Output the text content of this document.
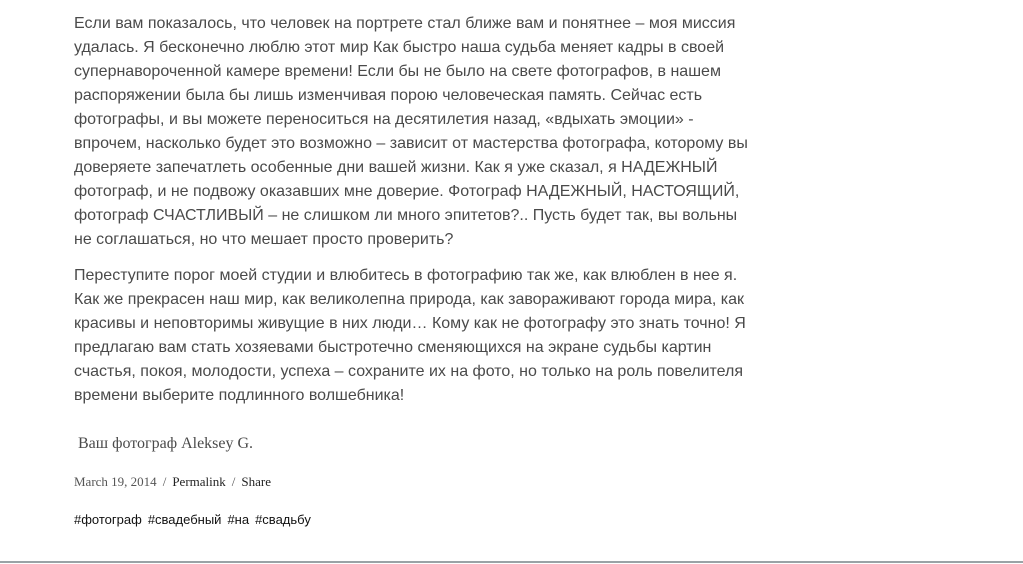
Если вам показалось, что человек на портрете стал ближе вам и понятнее – моя миссия удалась. Я бесконечно люблю этот мир Как быстро наша судьба меняет кадры в своей супернавороченной камере времени! Если бы не было на свете фотографов, в нашем распоряжении была бы лишь изменчивая порою человеческая память. Сейчас есть фотографы, и вы можете переноситься на десятилетия назад, «вдыхать эмоции» - впрочем, насколько будет это возможно – зависит от мастерства фотографа, которому вы доверяете запечатлеть особенные дни вашей жизни. Как я уже сказал, я НАДЕЖНЫЙ фотограф, и не подвожу оказавших мне доверие. Фотограф НАДЕЖНЫЙ, НАСТОЯЩИЙ, фотограф СЧАСТЛИВЫЙ – не слишком ли много эпитетов?.. Пусть будет так, вы вольны не соглашаться, но что мешает просто проверить?

Переступите порог моей студии и влюбитесь в фотографию так же, как влюблен в нее я. Как же прекрасен наш мир, как великолепна природа, как завораживают города мира, как красивы и неповторимы живущие в них люди… Кому как не фотографу это знать точно! Я предлагаю вам стать хозяевами быстротечно сменяющихся на экране судьбы картин счастья, покоя, молодости, успеха – сохраните их на фото, но только на роль повелителя времени выберите подлинного волшебника!

Ваш фотограф Aleksey G.
March 19, 2014 / Permalink / Share
#фотограф #свадебный #на #свадьбу
